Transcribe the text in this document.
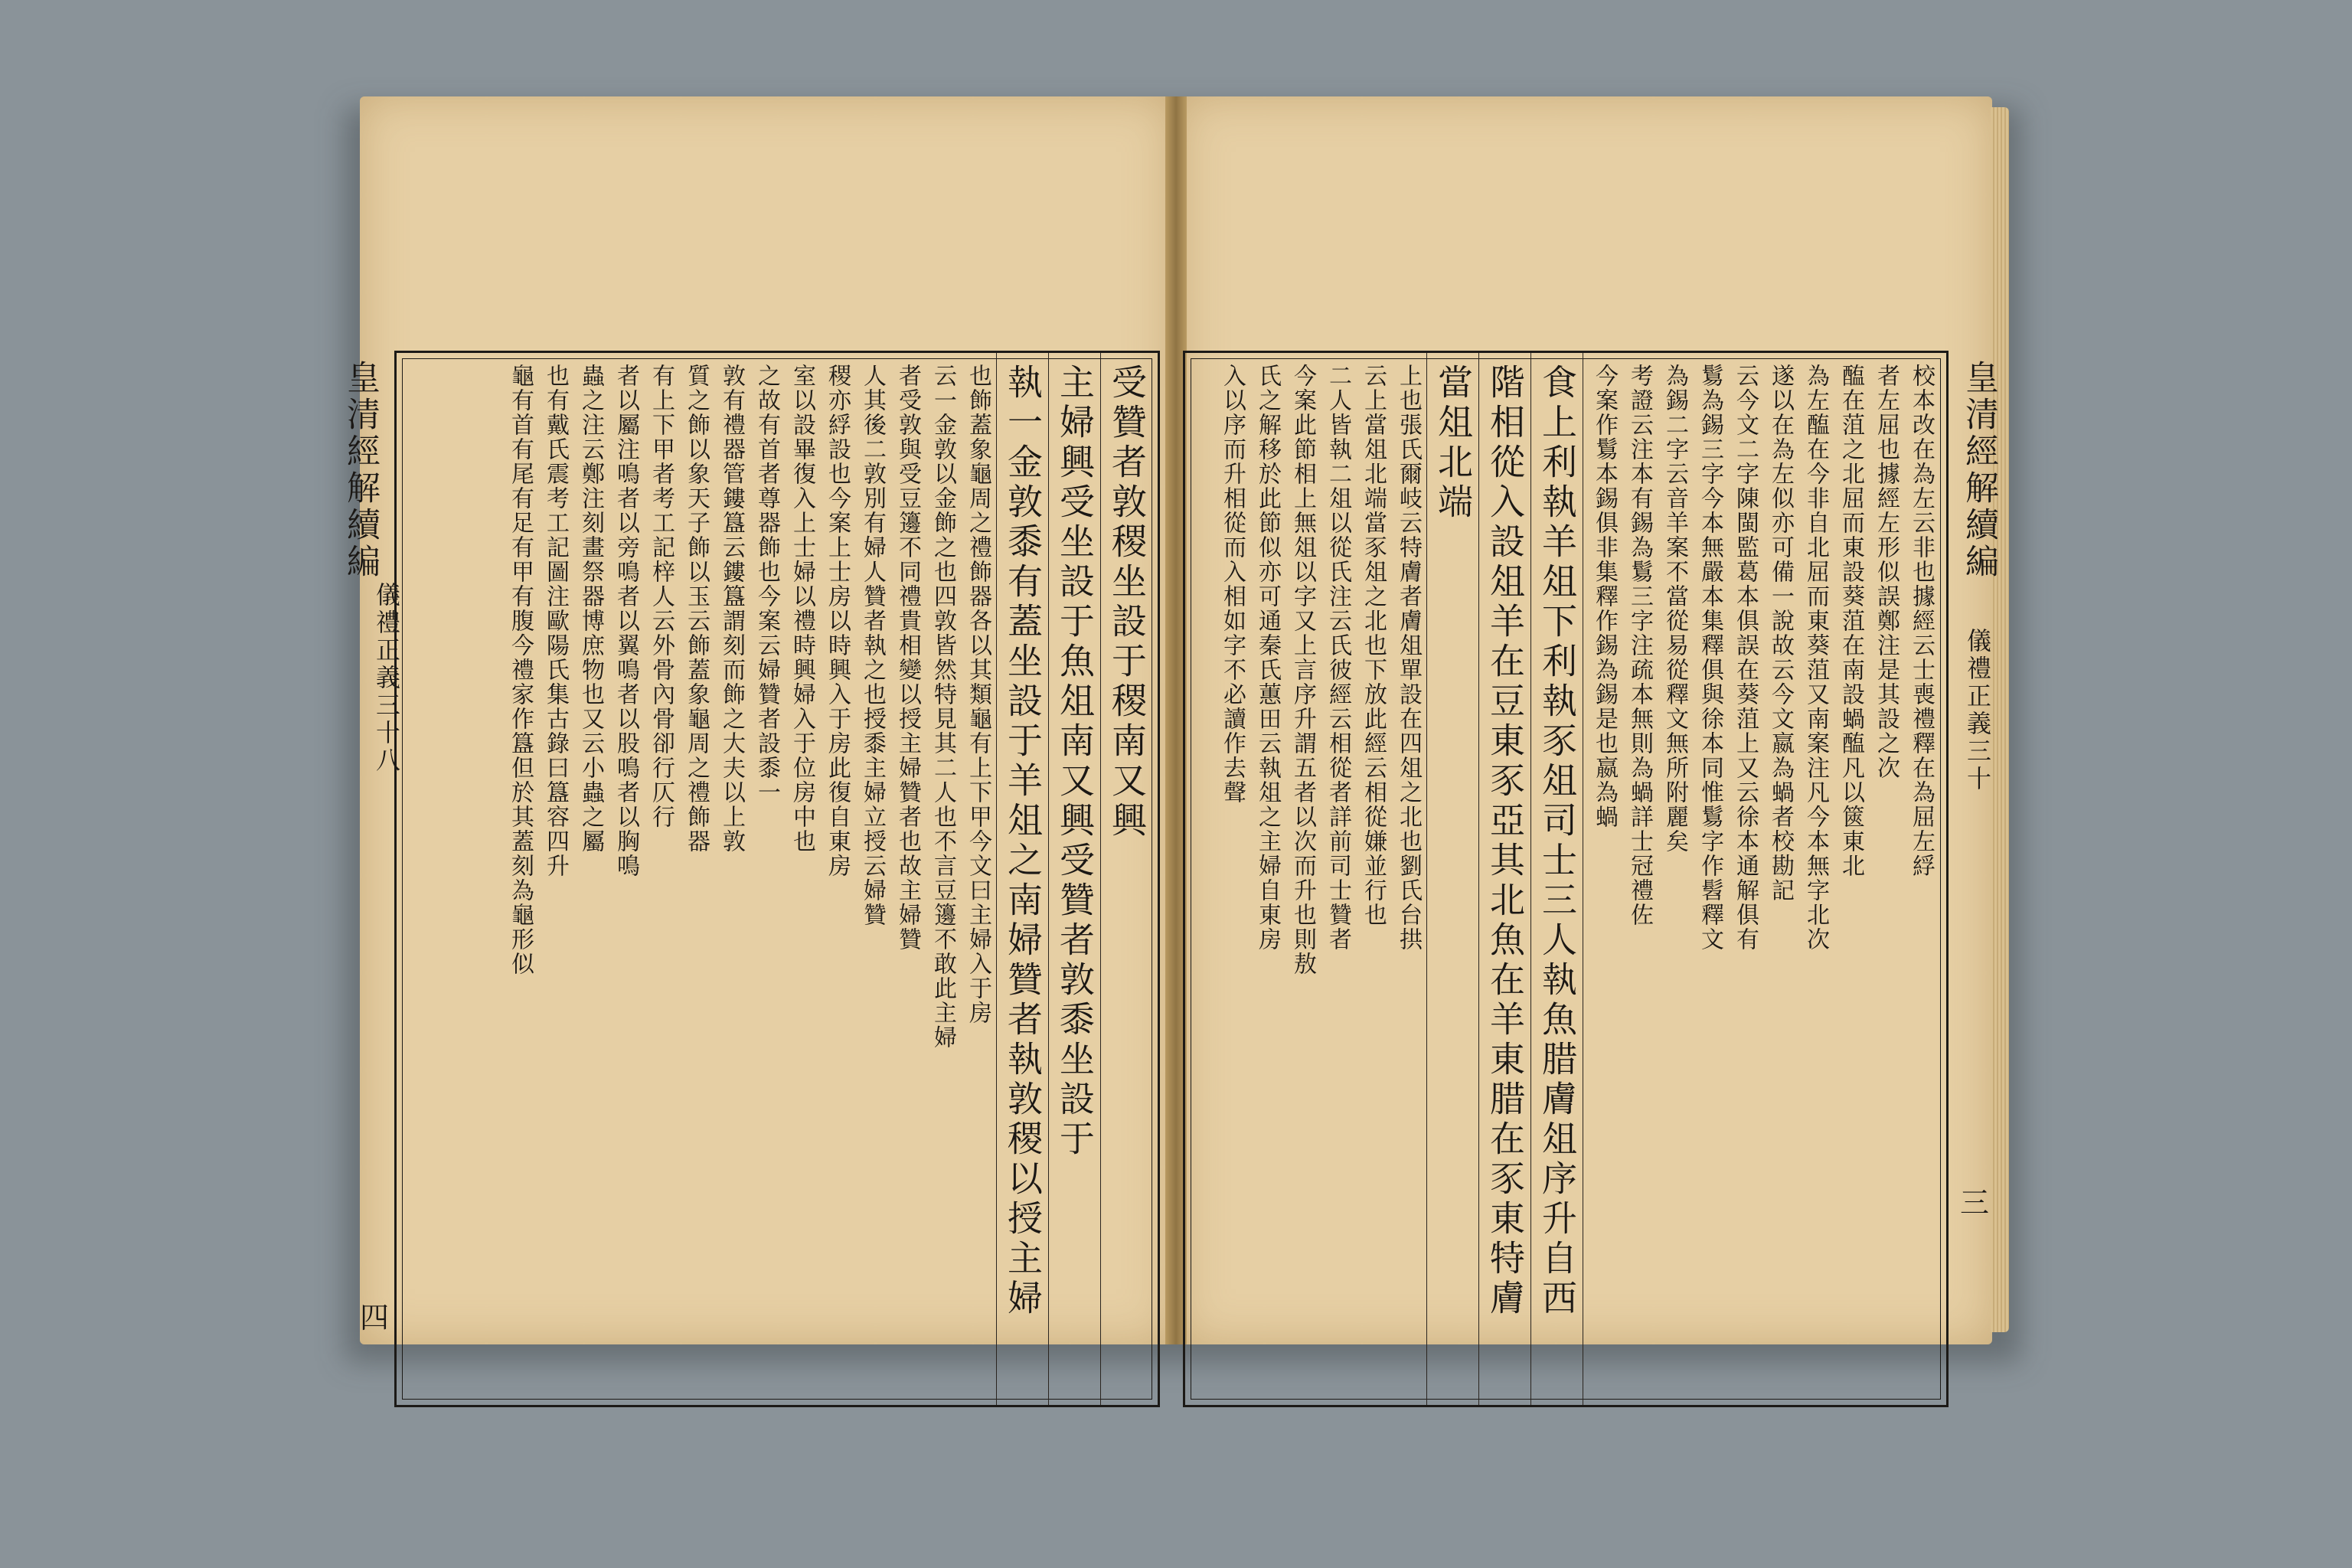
皇清經解續編
儀禮正義三十八
四
皇清經解續編
儀禮正義三十
三
受贊者敦稷坐設于稷南又興
主婦興受坐設于魚俎南又興受贊者敦黍坐設于
執一金敦黍有蓋坐設于羊俎之南婦贊者執敦稷以授主婦
也飾蓋象龜周之禮飾器各以其類龜有上下甲今文曰主婦入于房
云一金敦以金飾之也四敦皆然特見其二人也不言豆籩不敢此主婦
者受敦與受豆籩不同禮貴相變以授主婦贊者也故主婦贊
人其後二敦別有婦人贊者執之也授黍主婦立授云婦贊
稷亦綒設也今案上士房以時興入于房此復自東房
室以設畢復入上士婦以禮時興婦入于位房中也
之故有首者尊器飾也今案云婦贊者設黍一
敦有禮器管鏤簋云鏤簋謂刻而飾之大夫以上敦
質之飾以象天子飾以玉云飾蓋象龜周之禮飾器
有上下甲者考工記梓人云外骨內骨卻行仄行
者以屬注鳴者以旁鳴者以翼鳴者以股鳴者以胸鳴
蟲之注云鄭注刻畫祭器博庶物也又云小蟲之屬
也有戴氏震考工記圖注歐陽氏集古錄曰簋容四升
龜有首有尾有足有甲有腹今禮家作簋但於其蓋刻為龜形似	校本改在為左云非也據經云士喪禮釋在為屈左綒
者左屈也據經左形似誤鄭注是其設之次
醢在菹之北屈而東設葵菹在南設蝸醢凡以篋東北
為左醢在今非自北屈而東葵菹又南案注凡今本無字北次
遂以在為左似亦可備一說故云今文嬴為蝸者校勘記
云今文二字陳閩監葛本俱誤在葵菹上又云徐本通解俱有
鬄為錫三字今本無嚴本集釋俱與徐本同惟鬄字作髫釋文
為錫二字云音羊案不當從易從釋文無所附麗矣
考證云注本有錫為鬄三字注疏本無則為蝸詳士冠禮佐
今案作鬄本錫俱非集釋作錫為錫是也嬴為蝸
食上利執羊俎下利執豕俎司士三人執魚腊膚俎序升自西
階相從入設俎羊在豆東豕亞其北魚在羊東腊在豕東特膚
當俎北端
上也張氏爾岐云特膚者膚俎單設在四俎之北也劉氏台拱
云上當俎北端當豕俎之北也下放此經云相從嫌並行也
二人皆執二俎以從氏注云氏彼經云相從者詳前司士贊者
今案此節相上無俎以字又上言序升謂五者以次而升也則敖
氏之解移於此節似亦可通秦氏蕙田云執俎之主婦自東房
入以序而升相從而入相如字不必讀作去聲
